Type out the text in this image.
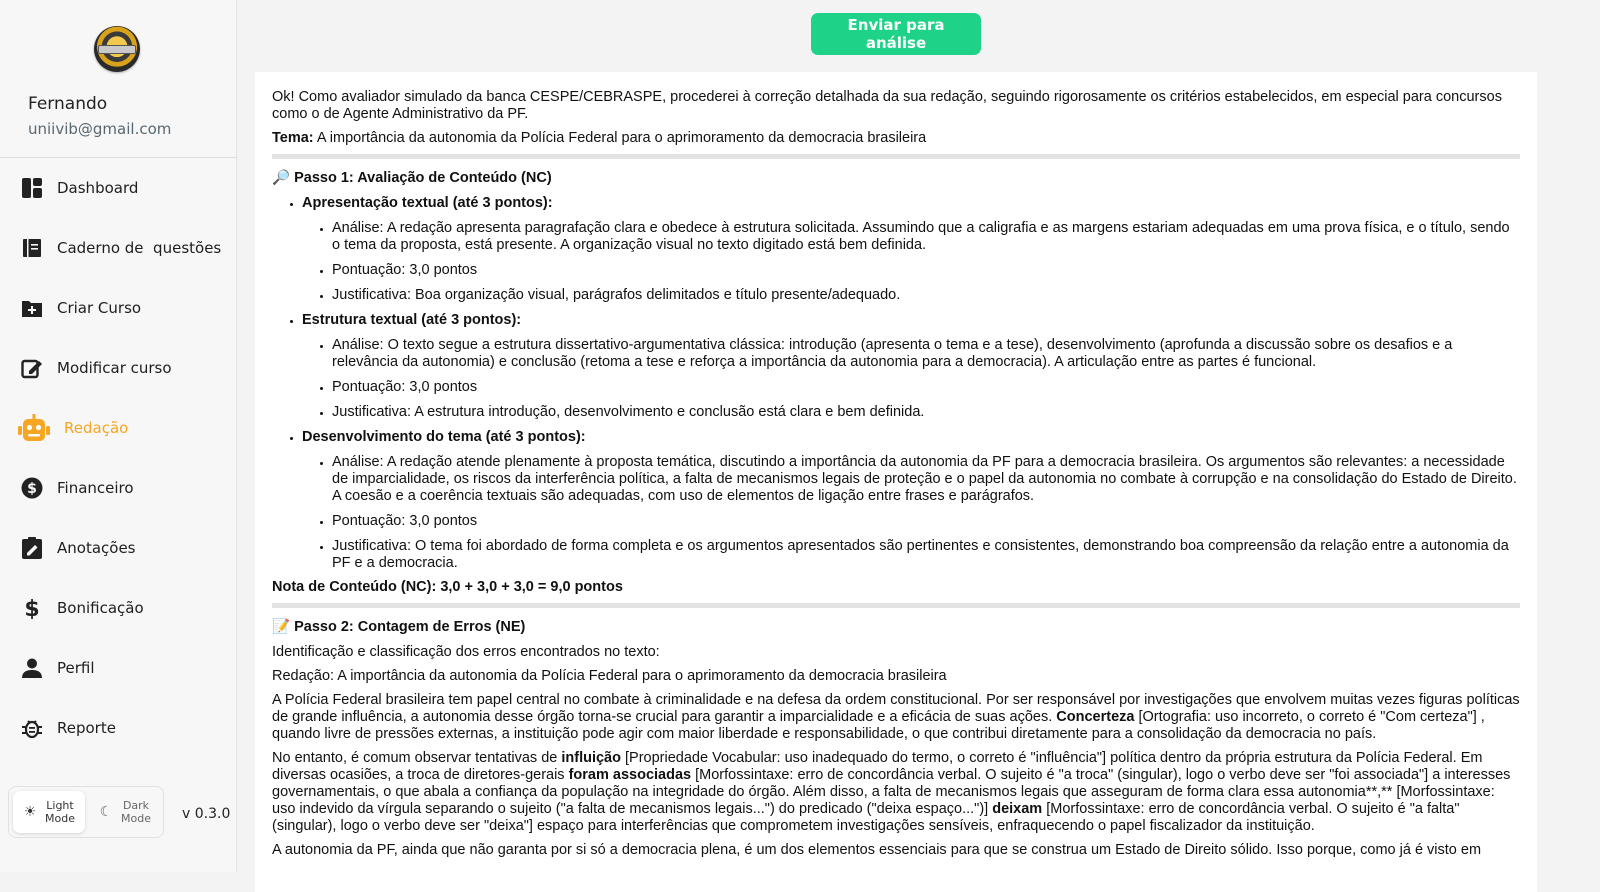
Fernando
uniivib@gmail.com
Dashboard
Caderno de  questões
Criar Curso
Modificar curso
Redação
$ Financeiro
Anotações
$ Bonificação
Perfil
Reporte
☀ Light
Mode ☾ Dark
Mode v 0.3.0
Enviar para análise

Ok! Como avaliador simulado da banca CESPE/CEBRASPE, procederei à correção detalhada da sua redação, seguindo rigorosamente os critérios estabelecidos, em especial para concursos como o de Agente Administrativo da PF.

Tema: A importância da autonomia da Polícia Federal para o aprimoramento da democracia brasileira

🔎 Passo 1: Avaliação de Conteúdo (NC)
• Apresentação textual (até 3 pontos):
• Análise: A redação apresenta paragrafação clara e obedece à estrutura solicitada. Assumindo que a caligrafia e as margens estariam adequadas em uma prova física, e o título, sendo o tema da proposta, está presente. A organização visual no texto digitado está bem definida.
• Pontuação: 3,0 pontos
• Justificativa: Boa organização visual, parágrafos delimitados e título presente/adequado.
• Estrutura textual (até 3 pontos):
• Análise: O texto segue a estrutura dissertativo-argumentativa clássica: introdução (apresenta o tema e a tese), desenvolvimento (aprofunda a discussão sobre os desafios e a relevância da autonomia) e conclusão (retoma a tese e reforça a importância da autonomia para a democracia). A articulação entre as partes é funcional.
• Pontuação: 3,0 pontos
• Justificativa: A estrutura introdução, desenvolvimento e conclusão está clara e bem definida.
• Desenvolvimento do tema (até 3 pontos):
• Análise: A redação atende plenamente à proposta temática, discutindo a importância da autonomia da PF para a democracia brasileira. Os argumentos são relevantes: a necessidade de imparcialidade, os riscos da interferência política, a falta de mecanismos legais de proteção e o papel da autonomia no combate à corrupção e na consolidação do Estado de Direito. A coesão e a coerência textuais são adequadas, com uso de elementos de ligação entre frases e parágrafos.
• Pontuação: 3,0 pontos
• Justificativa: O tema foi abordado de forma completa e os argumentos apresentados são pertinentes e consistentes, demonstrando boa compreensão da relação entre a autonomia da PF e a democracia.

Nota de Conteúdo (NC): 3,0 + 3,0 + 3,0 = 9,0 pontos

📝 Passo 2: Contagem de Erros (NE)

Identificação e classificação dos erros encontrados no texto:

Redação: A importância da autonomia da Polícia Federal para o aprimoramento da democracia brasileira

A Polícia Federal brasileira tem papel central no combate à criminalidade e na defesa da ordem constitucional. Por ser responsável por investigações que envolvem muitas vezes figuras políticas de grande influência, a autonomia desse órgão torna-se crucial para garantir a imparcialidade e a eficácia de suas ações. Concerteza [Ortografia: uso incorreto, o correto é "Com certeza"] , quando livre de pressões externas, a instituição pode agir com maior liberdade e responsabilidade, o que contribui diretamente para a consolidação da democracia no país.

No entanto, é comum observar tentativas de influição [Propriedade Vocabular: uso inadequado do termo, o correto é "influência"] política dentro da própria estrutura da Polícia Federal. Em diversas ocasiões, a troca de diretores-gerais foram associadas [Morfossintaxe: erro de concordância verbal. O sujeito é "a troca" (singular), logo o verbo deve ser "foi associada"] a interesses governamentais, o que abala a confiança da população na integridade do órgão. Além disso, a falta de mecanismos legais que asseguram de forma clara essa autonomia**,** [Morfossintaxe: uso indevido da vírgula separando o sujeito ("a falta de mecanismos legais...") do predicado ("deixa espaço...")] deixam [Morfossintaxe: erro de concordância verbal. O sujeito é "a falta" (singular), logo o verbo deve ser "deixa"] espaço para interferências que comprometem investigações sensíveis, enfraquecendo o papel fiscalizador da instituição.

A autonomia da PF, ainda que não garanta por si só a democracia plena, é um dos elementos essenciais para que se construa um Estado de Direito sólido. Isso porque, como já é visto em
